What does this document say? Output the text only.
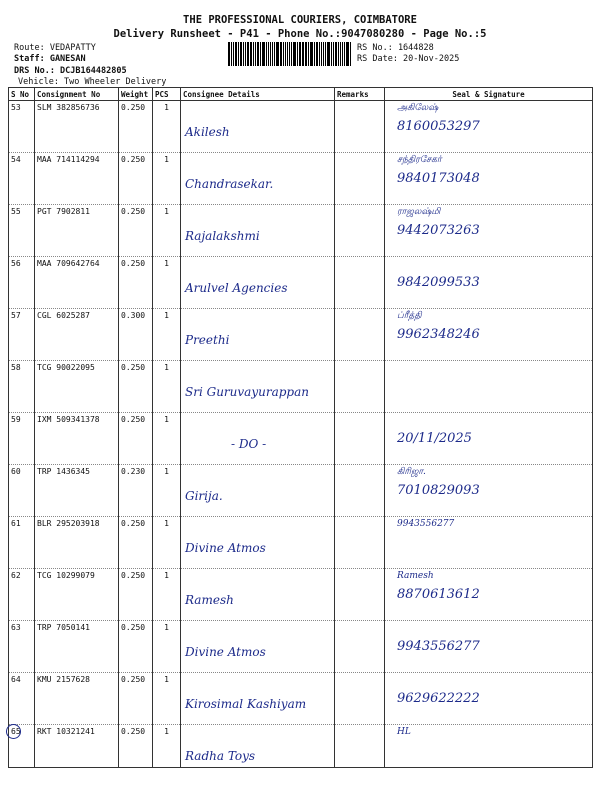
THE PROFESSIONAL COURIERS, COIMBATORE
Delivery Runsheet - P41 - Phone No.:9047080280 - Page No.:5
Route: VEDAPATTY
Staff: GANESAN
DRS No.: DCJB164482805
Vehicle: Two Wheeler Delivery
RS No.: 1644828
RS Date: 20-Nov-2025
S No	Consignment No	Weight	PCS	Consignee Details	Remarks	Seal & Signature
53	SLM 382856736	0.250	1	Akilesh		அகிலேஷ்
8160053297

54	MAA 714114294	0.250	1	Chandrasekar.		சந்திரசேகர்
9840173048

55	PGT 7902811	0.250	1	Rajalakshmi		ராஜலஷ்மி
9442073263

56	MAA 709642764	0.250	1	Arulvel Agencies		9842099533

57	CGL 6025287	0.300	1	Preethi		ப்ரீத்தி
9962348246

58	TCG 90022095	0.250	1	Sri Guruvayurappan		

59	IXM 509341378	0.250	1	- DO -		20/11/2025

60	TRP 1436345	0.230	1	Girija.		கிரிஜா.
7010829093

61	BLR 295203918	0.250	1	Divine Atmos		9943556277

62	TCG 10299079	0.250	1	Ramesh		Ramesh
8870613612

63	TRP 7050141	0.250	1	Divine Atmos		9943556277

64	KMU 2157628	0.250	1	Kirosimal Kashiyam		9629622222

65	RKT 10321241	0.250	1	Radha Toys		HL
